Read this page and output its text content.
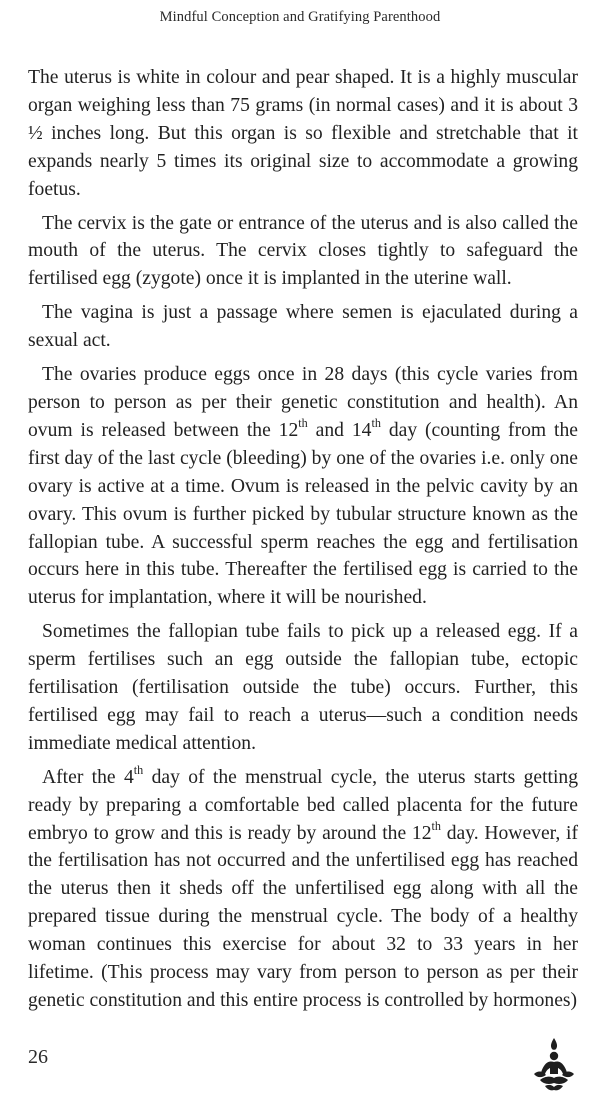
Mindful Conception and Gratifying Parenthood

The uterus is white in colour and pear shaped. It is a highly muscular organ weighing less than 75 grams (in normal cases) and it is about 3 ½ inches long. But this organ is so flexible and stretchable that it expands nearly 5 times its original size to accommodate a growing foetus.

The cervix is the gate or entrance of the uterus and is also called the mouth of the uterus. The cervix closes tightly to safeguard the fertilised egg (zygote) once it is implanted in the uterine wall.

The vagina is just a passage where semen is ejaculated during a sexual act.

The ovaries produce eggs once in 28 days (this cycle varies from person to person as per their genetic constitution and health). An ovum is released between the 12th and 14th day (counting from the first day of the last cycle (bleeding) by one of the ovaries i.e. only one ovary is active at a time. Ovum is released in the pelvic cavity by an ovary. This ovum is further picked by tubular structure known as the fallopian tube. A successful sperm reaches the egg and fertilisation occurs here in this tube. Thereafter the fertilised egg is carried to the uterus for implantation, where it will be nourished.

Sometimes the fallopian tube fails to pick up a released egg. If a sperm fertilises such an egg outside the fallopian tube, ectopic fertilisation (fertilisation outside the tube) occurs. Further, this fertilised egg may fail to reach a uterus—such a condition needs immediate medical attention.

After the 4th day of the menstrual cycle, the uterus starts getting ready by preparing a comfortable bed called placenta for the future embryo to grow and this is ready by around the 12th day. However, if the fertilisation has not occurred and the unfertilised egg has reached the uterus then it sheds off the unfertilised egg along with all the prepared tissue during the menstrual cycle. The body of a healthy woman continues this exercise for about 32 to 33 years in her lifetime. (This process may vary from person to person as per their genetic constitution and this entire process is controlled by hormones)

26
